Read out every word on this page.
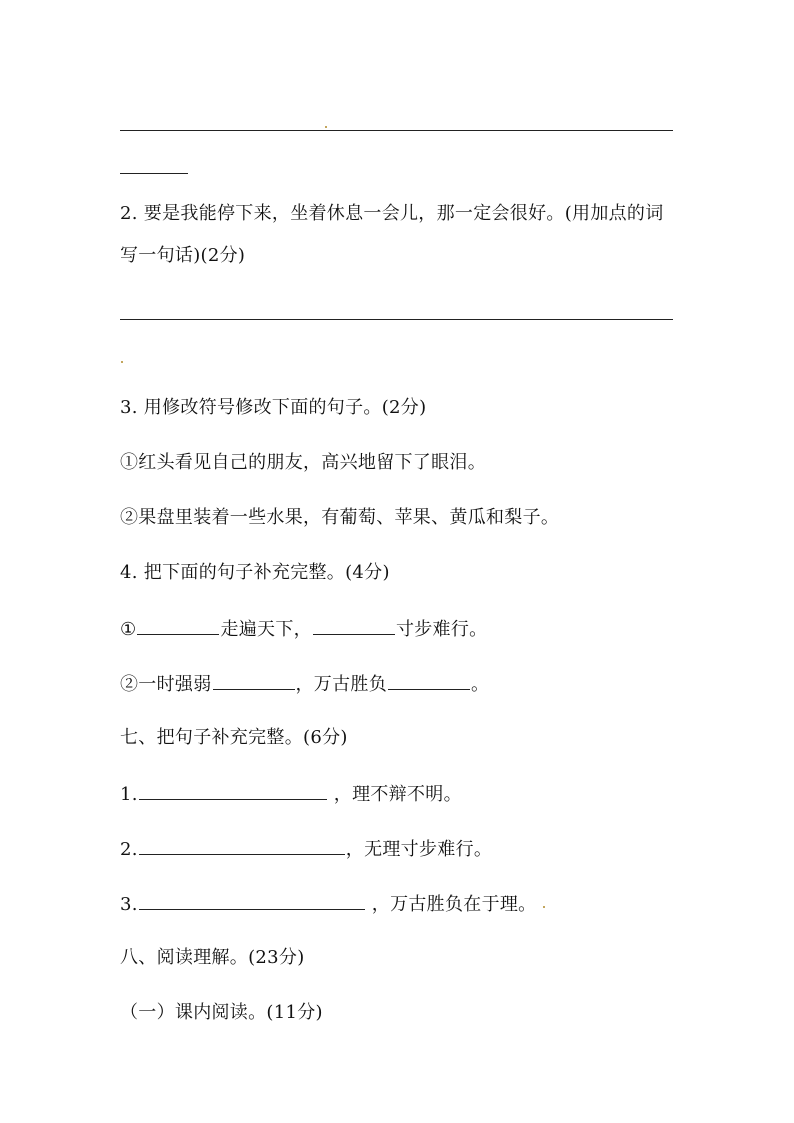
2. 要是我能停下来，坐着休息一会儿，那一定会很好。(用加点的词
写一句话)(2分)
3. 用修改符号修改下面的句子。(2分)
①红头看见自己的朋友，高兴地留下了眼泪。
②果盘里装着一些水果，有葡萄、苹果、黄瓜和梨子。
4. 把下面的句子补充完整。(4分)
①	走遍天下，	寸步难行。
②一时强弱	，万古胜负	。
七、把句子补充完整。(6分)
1.	，理不辩不明。
2.	，无理寸步难行。
3.	，万古胜负在于理。
八、阅读理解。(23分)
（一）课内阅读。(11分)
